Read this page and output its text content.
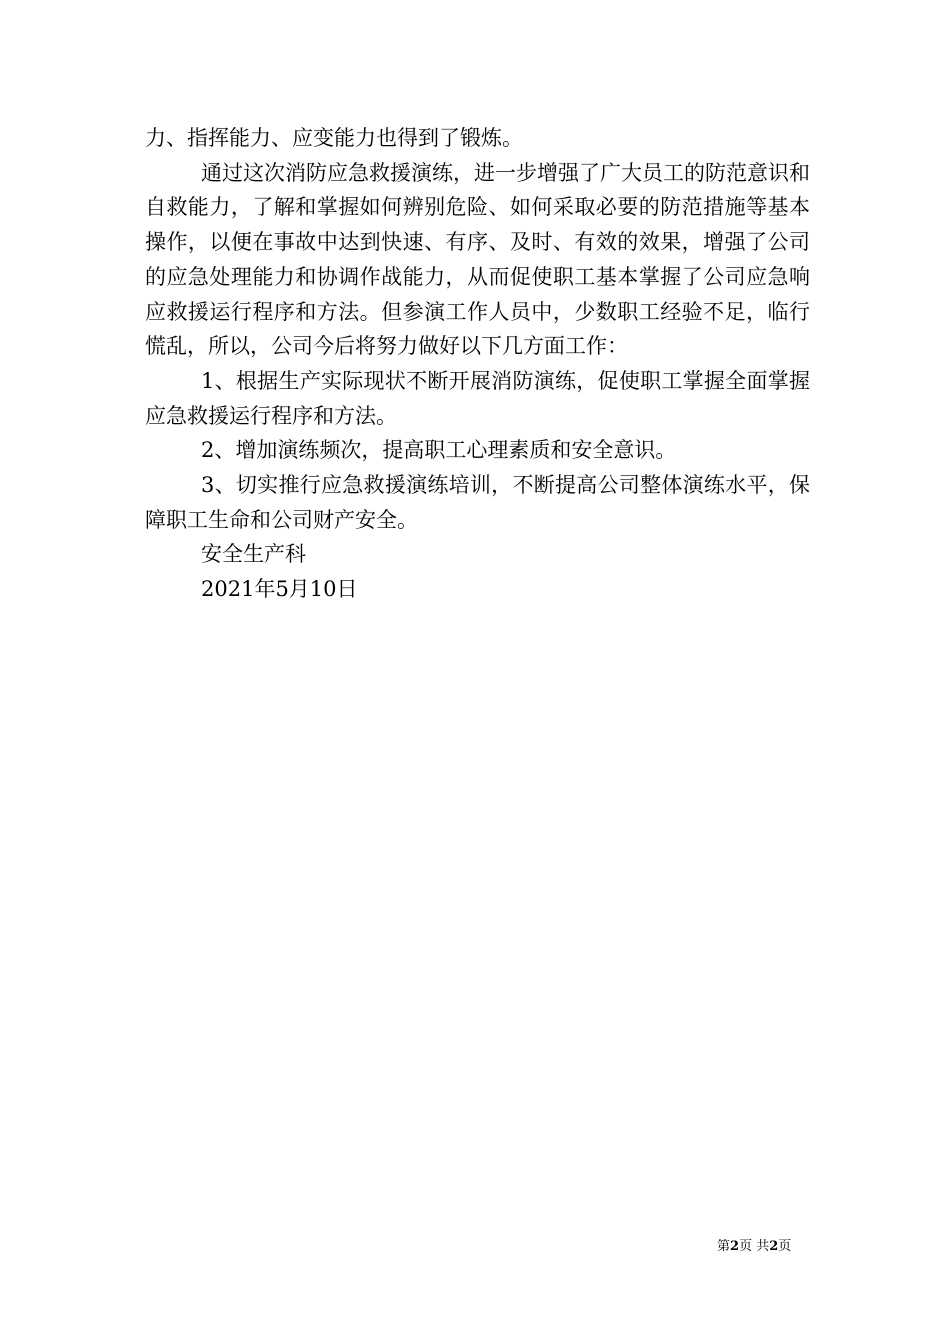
力、指挥能力、应变能力也得到了锻炼。

通过这次消防应急救援演练，进一步增强了广大员工的防范意识和自救能力，了解和掌握如何辨别危险、如何采取必要的防范措施等基本操作，以便在事故中达到快速、有序、及时、有效的效果，增强了公司的应急处理能力和协调作战能力，从而促使职工基本掌握了公司应急响应救援运行程序和方法。但参演工作人员中，少数职工经验不足，临行慌乱，所以，公司今后将努力做好以下几方面工作：

1、根据生产实际现状不断开展消防演练，促使职工掌握全面掌握应急救援运行程序和方法。

2、增加演练频次，提高职工心理素质和安全意识。

3、切实推行应急救援演练培训，不断提高公司整体演练水平，保障职工生命和公司财产安全。

安全生产科

2021年5月10日

第2页 共2页
